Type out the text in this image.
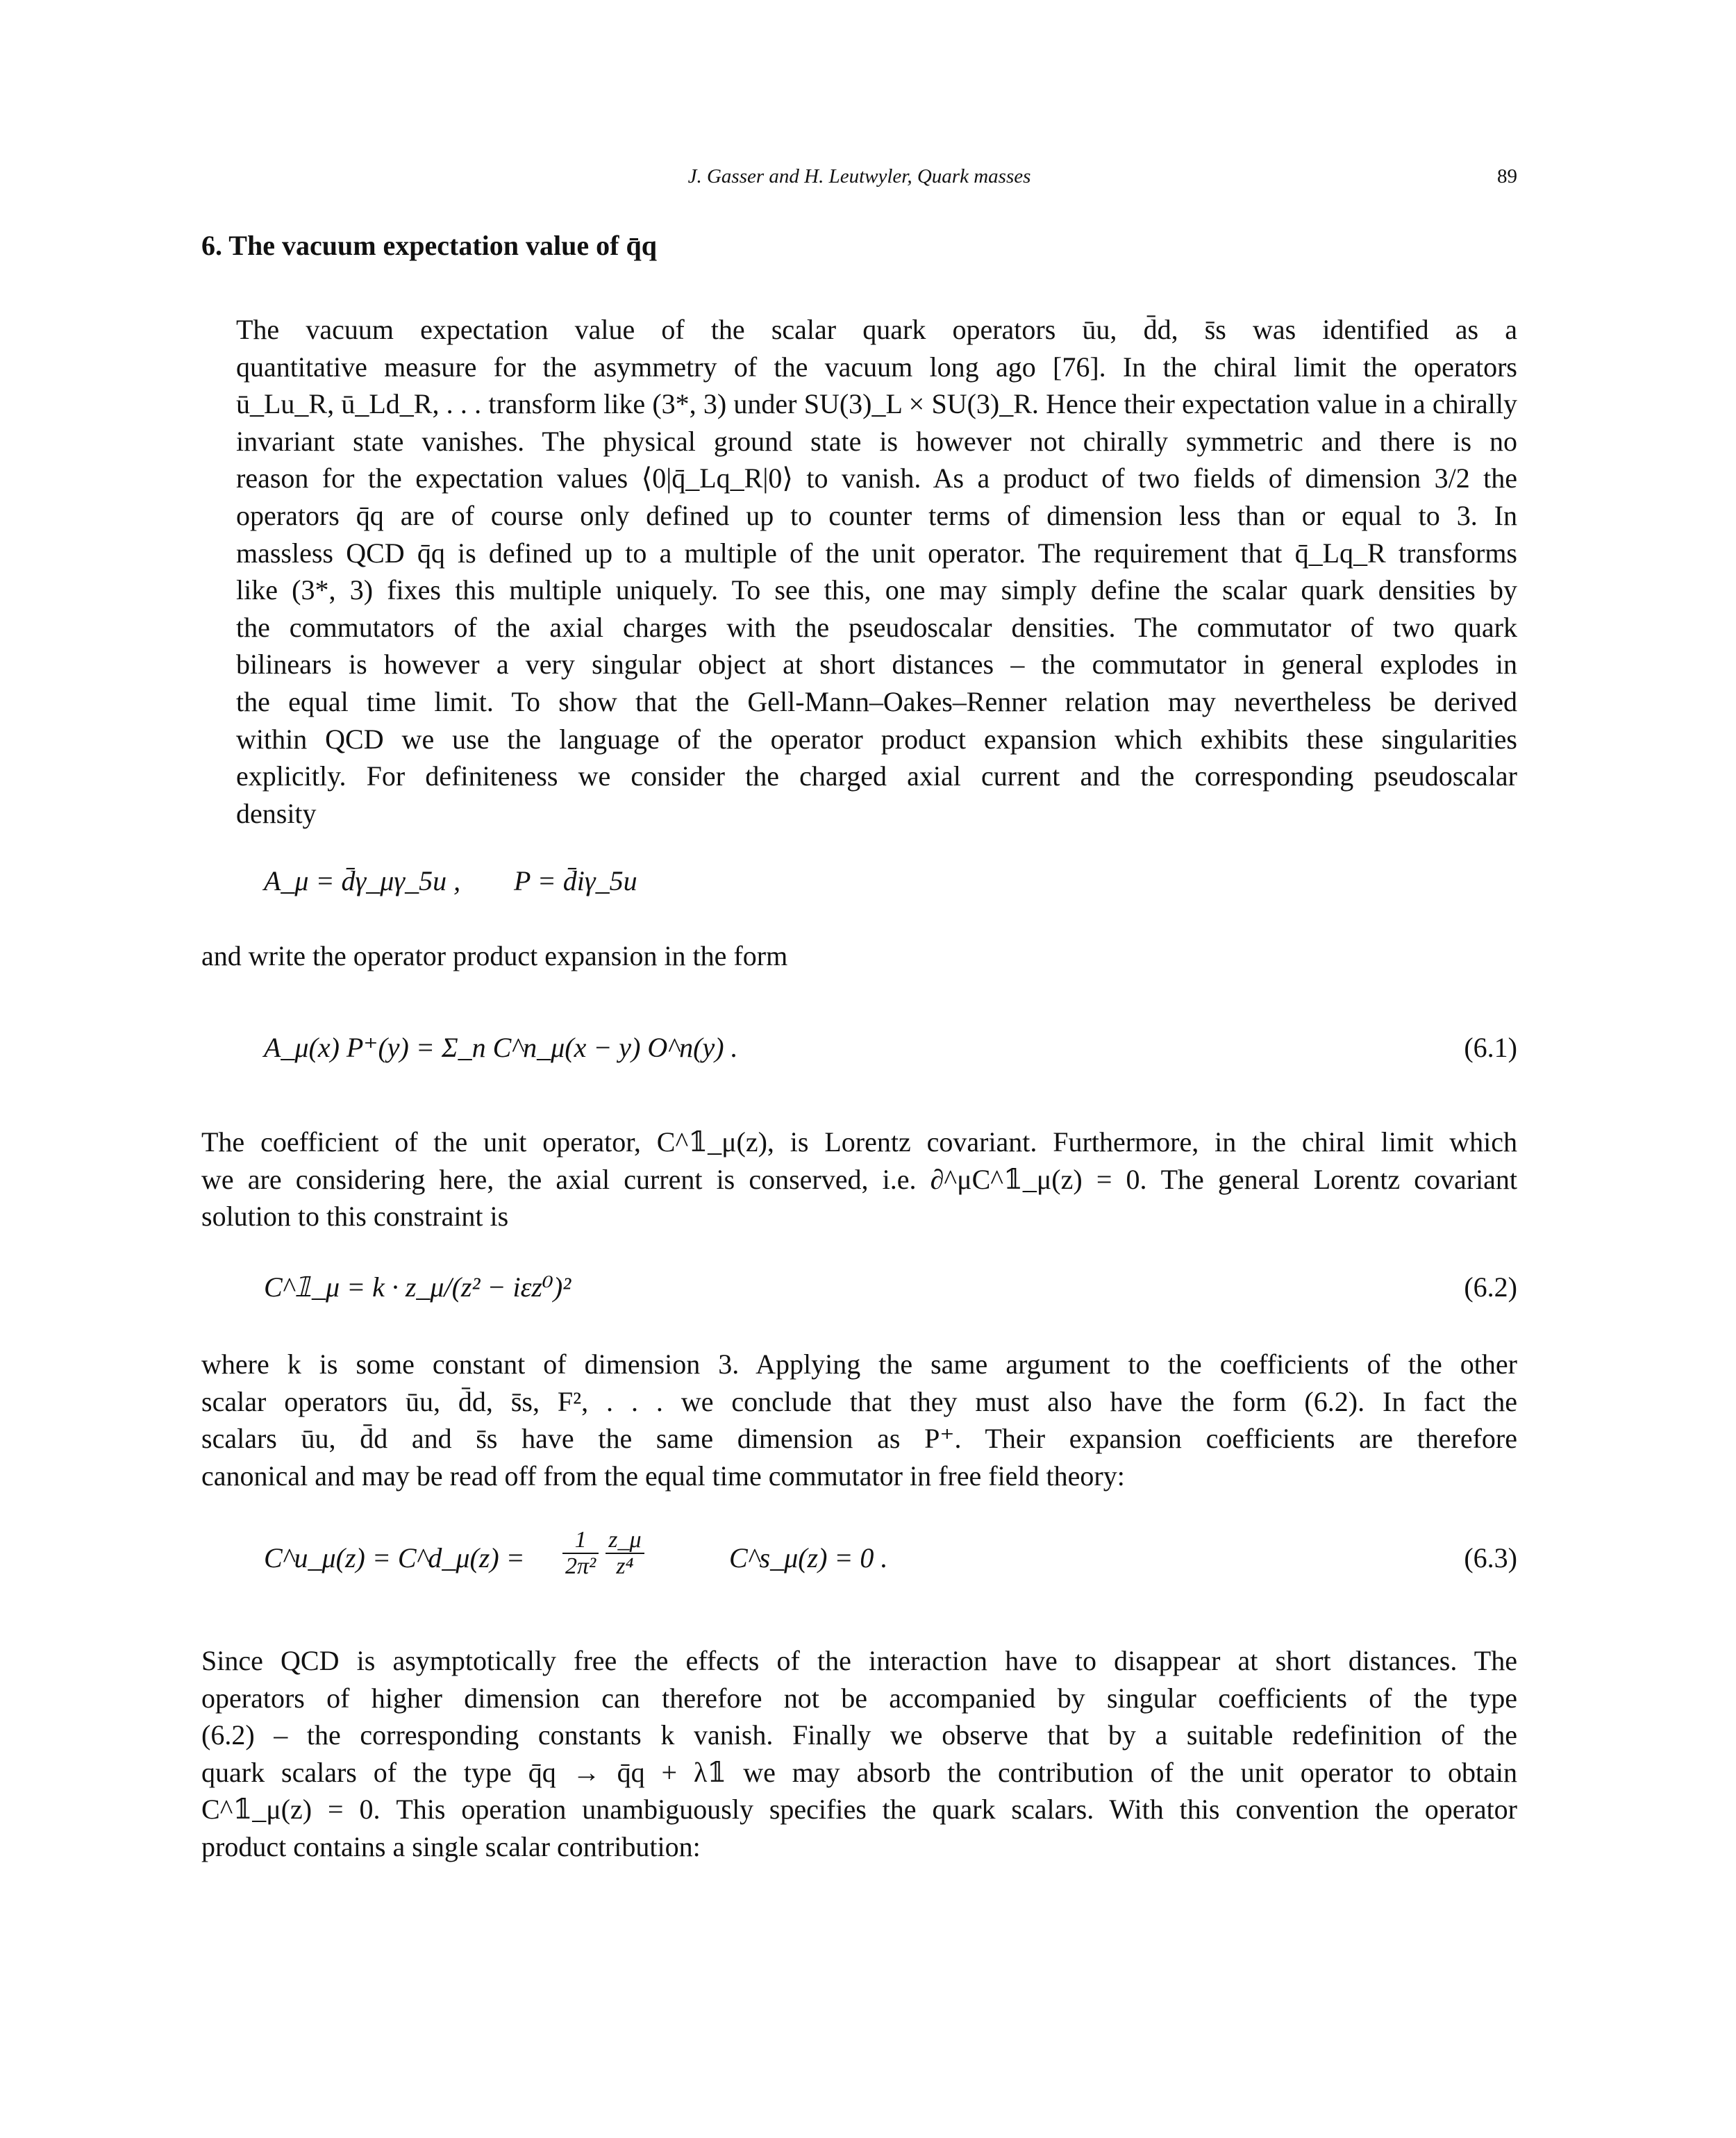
J. Gasser and H. Leutwyler, Quark masses	89
6. The vacuum expectation value of q̄q
The vacuum expectation value of the scalar quark operators ūu, d̄d, s̄s was identified as a
quantitative measure for the asymmetry of the vacuum long ago [76]. In the chiral limit the operators
ū_Lu_R, ū_Ld_R, . . . transform like (3*, 3) under SU(3)_L × SU(3)_R. Hence their expectation value in a chirally
invariant state vanishes. The physical ground state is however not chirally symmetric and there is no
reason for the expectation values ⟨0|q̄_Lq_R|0⟩ to vanish. As a product of two fields of dimension 3/2 the
operators q̄q are of course only defined up to counter terms of dimension less than or equal to 3. In
massless QCD q̄q is defined up to a multiple of the unit operator. The requirement that q̄_Lq_R transforms
like (3*, 3) fixes this multiple uniquely. To see this, one may simply define the scalar quark densities by
the commutators of the axial charges with the pseudoscalar densities. The commutator of two quark
bilinears is however a very singular object at short distances – the commutator in general explodes in
the equal time limit. To show that the Gell-Mann–Oakes–Renner relation may nevertheless be derived
within QCD we use the language of the operator product expansion which exhibits these singularities
explicitly. For definiteness we consider the charged axial current and the corresponding pseudoscalar
density
A_μ = d̄γ_μγ_5u , P = d̄iγ_5u
and write the operator product expansion in the form
A_μ(x) P⁺(y) = Σ_n C^n_μ(x − y) O^n(y) .	(6.1)
The coefficient of the unit operator, C^𝟙_μ(z), is Lorentz covariant. Furthermore, in the chiral limit which
we are considering here, the axial current is conserved, i.e. ∂^μC^𝟙_μ(z) = 0. The general Lorentz covariant
solution to this constraint is
C^𝟙_μ = k · z_μ/(z² − iεz⁰)²	(6.2)
where k is some constant of dimension 3. Applying the same argument to the coefficients of the other
scalar operators ūu, d̄d, s̄s, F², . . . we conclude that they must also have the form (6.2). In fact the
scalars ūu, d̄d and s̄s have the same dimension as P⁺. Their expansion coefficients are therefore
canonical and may be read off from the equal time commutator in free field theory:
C^u_μ(z) = C^d_μ(z) = $\frac{1}{\text{2π²}}$
$\frac{z\_\mu}{\text{z⁴}}$	C^s_μ(z) = 0 .	(6.3)
Since QCD is asymptotically free the effects of the interaction have to disappear at short distances. The
operators of higher dimension can therefore not be accompanied by singular coefficients of the type
(6.2) – the corresponding constants k vanish. Finally we observe that by a suitable redefinition of the
quark scalars of the type q̄q → q̄q + λ𝟙 we may absorb the contribution of the unit operator to obtain
C^𝟙_μ(z) = 0. This operation unambiguously specifies the quark scalars. With this convention the operator
product contains a single scalar contribution:
